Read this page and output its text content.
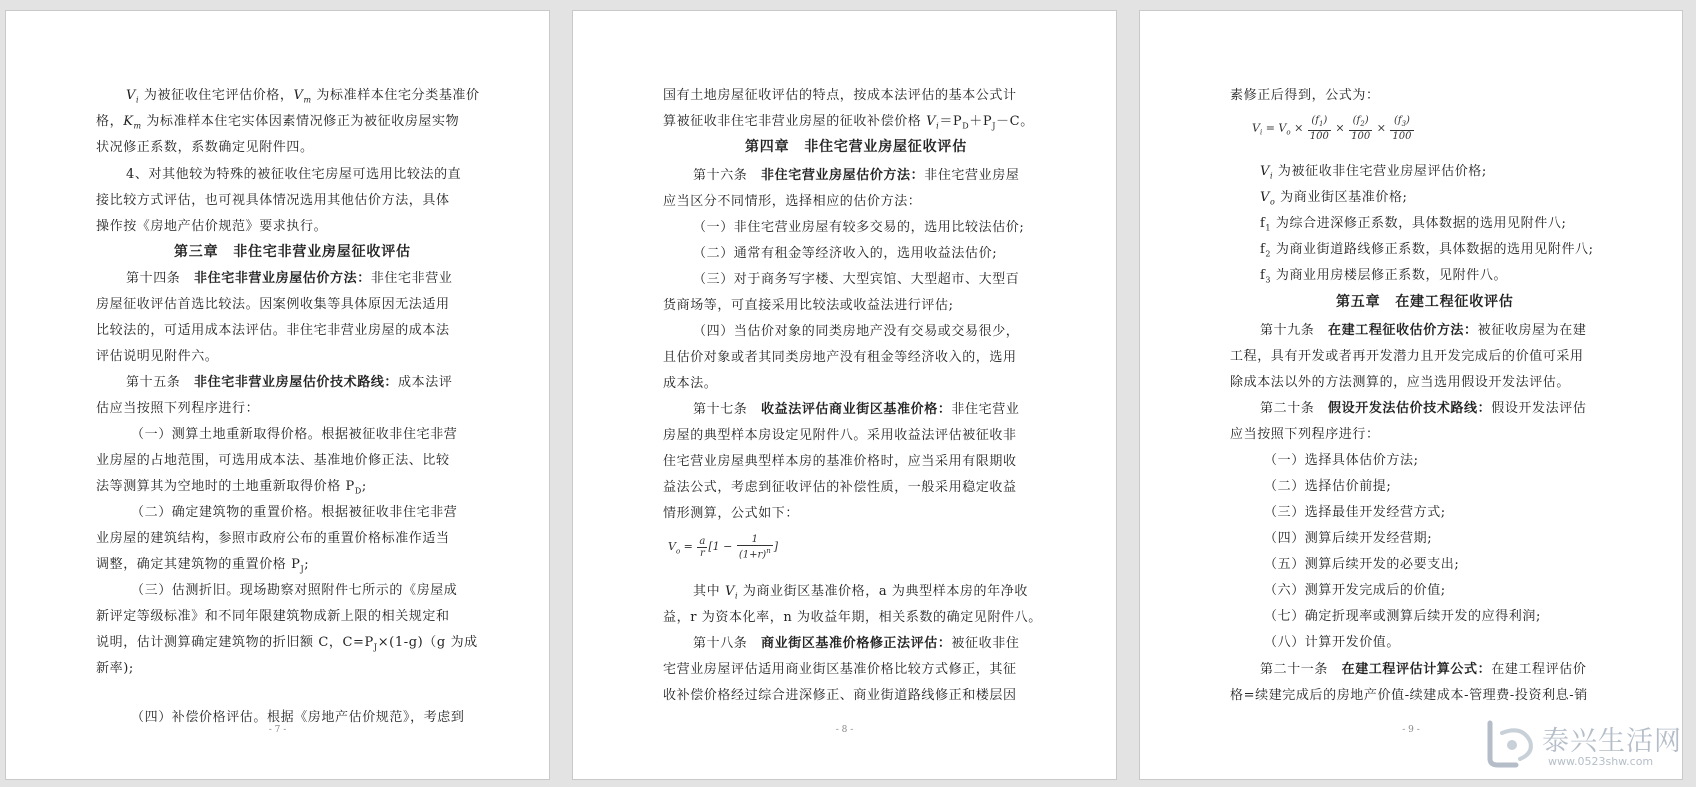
$V_i$ 为被征收住宅评估价格，$V_m$ 为标准样本住宅分类基准价
格，$K_m$ 为标准样本住宅实体因素情况修正为被征收房屋实物
状况修正系数，系数确定见附件四。
4、对其他较为特殊的被征收住宅房屋可选用比较法的直
接比较方式评估，也可视具体情况选用其他估价方法，具体
操作按《房地产估价规范》要求执行。
第三章　非住宅非营业房屋征收评估
第十四条　非住宅非营业房屋估价方法：非住宅非营业
房屋征收评估首选比较法。因案例收集等具体原因无法适用
比较法的，可适用成本法评估。非住宅非营业房屋的成本法
评估说明见附件六。
第十五条　非住宅非营业房屋估价技术路线：成本法评
估应当按照下列程序进行：
（一）测算土地重新取得价格。根据被征收非住宅非营
业房屋的占地范围，可选用成本法、基准地价修正法、比较
法等测算其为空地时的土地重新取得价格 $P_D$;
（二）确定建筑物的重置价格。根据被征收非住宅非营
业房屋的建筑结构，参照市政府公布的重置价格标准作适当
调整，确定其建筑物的重置价格 $P_J$;
（三）估测折旧。现场勘察对照附件七所示的《房屋成
新评定等级标准》和不同年限建筑物成新上限的相关规定和
说明，估计测算确定建筑物的折旧额 C，$C=P_J\times(1-g)(g$ 为成
新率);
（四）补偿价格评估。根据《房地产估价规范》，考虑到
- 7 -
国有土地房屋征收评估的特点，按成本法评估的基本公式计
算被征收非住宅非营业房屋的征收补偿价格 $V_i=P_D+P_J-C$。
第四章　非住宅营业房屋征收评估
第十六条　非住宅营业房屋估价方法：非住宅营业房屋
应当区分不同情形，选择相应的估价方法：
（一）非住宅营业房屋有较多交易的，选用比较法估价;
（二）通常有租金等经济收入的，选用收益法估价;
（三）对于商务写字楼、大型宾馆、大型超市、大型百
货商场等，可直接采用比较法或收益法进行评估;
（四）当估价对象的同类房地产没有交易或交易很少，
且估价对象或者其同类房地产没有租金等经济收入的，选用
成本法。
第十七条　收益法评估商业街区基准价格：非住宅营业
房屋的典型样本房设定见附件八。采用收益法评估被征收非
住宅营业房屋典型样本房的基准价格时，应当采用有限期收
益法公式，考虑到征收评估的补偿性质，一般采用稳定收益
情形测算，公式如下：
$V_o = \frac{a}{r} [1 - \frac{1}{(1+r)^n}$ ]
其中 $V_i$ 为商业街区基准价格，a 为典型样本房的年净收
益，r 为资本化率，n 为收益年期，相关系数的确定见附件八。
第十八条　商业街区基准价格修正法评估：被征收非住
宅营业房屋评估适用商业街区基准价格比较方式修正，其征
收补偿价格经过综合进深修正、商业街道路线修正和楼层因
- 8 -
素修正后得到，公式为：
$V_i = V_o \times \frac{(f_1)}{100} \times \frac{(f_2)}{100} \times \frac{(f_3)}{100}$
$V_i$ 为被征收非住宅营业房屋评估价格;
$V_o$ 为商业街区基准价格;
$f_1$ 为综合进深修正系数，具体数据的选用见附件八;
$f_2$ 为商业街道路线修正系数，具体数据的选用见附件八;
$f_3$ 为商业用房楼层修正系数，见附件八。
第五章　在建工程征收评估
第十九条　在建工程征收估价方法：被征收房屋为在建
工程，具有开发或者再开发潜力且开发完成后的价值可采用
除成本法以外的方法测算的，应当选用假设开发法评估。
第二十条　假设开发法估价技术路线：假设开发法评估
应当按照下列程序进行：
（一）选择具体估价方法;
（二）选择估价前提;
（三）选择最佳开发经营方式;
（四）测算后续开发经营期;
（五）测算后续开发的必要支出;
（六）测算开发完成后的价值;
（七）确定折现率或测算后续开发的应得利润;
（八）计算开发价值。
第二十一条　在建工程评估计算公式：在建工程评估价
格=续建完成后的房地产价值-续建成本-管理费-投资利息-销
- 9 -	泰兴生活网
www.0523shw.com
